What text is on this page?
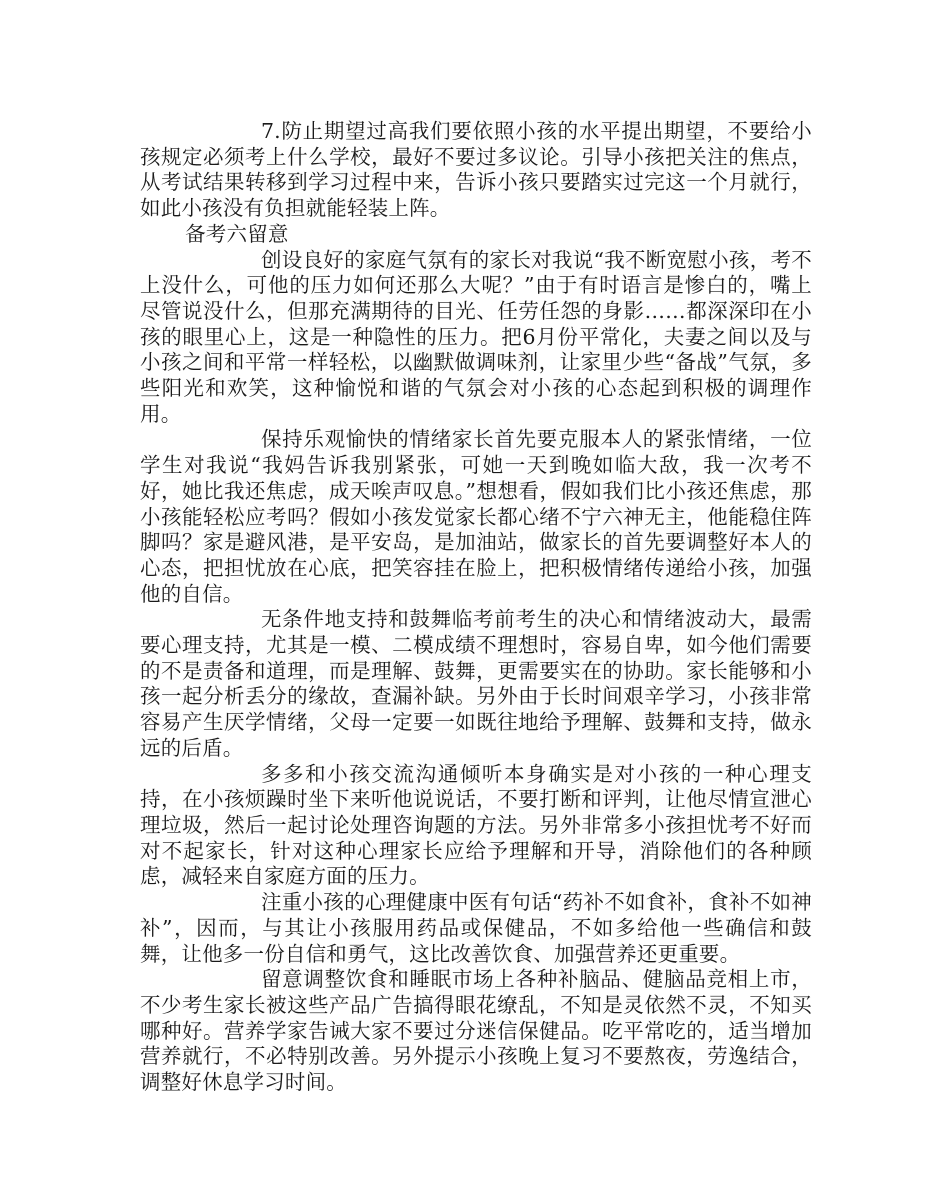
7.防止期望过高我们要依照小孩的水平提出期望，不要给小孩规定必须考上什么学校，最好不要过多议论。引导小孩把关注的焦点，从考试结果转移到学习过程中来，告诉小孩只要踏实过完这一个月就行，如此小孩没有负担就能轻装上阵。

备考六留意

创设良好的家庭气氛有的家长对我说“我不断宽慰小孩，考不上没什么，可他的压力如何还那么大呢？”由于有时语言是惨白的，嘴上尽管说没什么，但那充满期待的目光、任劳任怨的身影……都深深印在小孩的眼里心上，这是一种隐性的压力。把6月份平常化，夫妻之间以及与小孩之间和平常一样轻松，以幽默做调味剂，让家里少些“备战”气氛，多些阳光和欢笑，这种愉悦和谐的气氛会对小孩的心态起到积极的调理作用。

保持乐观愉快的情绪家长首先要克服本人的紧张情绪，一位学生对我说“我妈告诉我别紧张，可她一天到晚如临大敌，我一次考不好，她比我还焦虑，成天唉声叹息。”想想看，假如我们比小孩还焦虑，那小孩能轻松应考吗？假如小孩发觉家长都心绪不宁六神无主，他能稳住阵脚吗？家是避风港，是平安岛，是加油站，做家长的首先要调整好本人的心态，把担忧放在心底，把笑容挂在脸上，把积极情绪传递给小孩，加强他的自信。

无条件地支持和鼓舞临考前考生的决心和情绪波动大，最需要心理支持，尤其是一模、二模成绩不理想时，容易自卑，如今他们需要的不是责备和道理，而是理解、鼓舞，更需要实在的协助。家长能够和小孩一起分析丢分的缘故，查漏补缺。另外由于长时间艰辛学习，小孩非常容易产生厌学情绪，父母一定要一如既往地给予理解、鼓舞和支持，做永远的后盾。

多多和小孩交流沟通倾听本身确实是对小孩的一种心理支持，在小孩烦躁时坐下来听他说说话，不要打断和评判，让他尽情宣泄心理垃圾，然后一起讨论处理咨询题的方法。另外非常多小孩担忧考不好而对不起家长，针对这种心理家长应给予理解和开导，消除他们的各种顾虑，减轻来自家庭方面的压力。

注重小孩的心理健康中医有句话“药补不如食补，食补不如神补”，因而，与其让小孩服用药品或保健品，不如多给他一些确信和鼓舞，让他多一份自信和勇气，这比改善饮食、加强营养还更重要。

留意调整饮食和睡眠市场上各种补脑品、健脑品竞相上市，不少考生家长被这些产品广告搞得眼花缭乱，不知是灵依然不灵，不知买哪种好。营养学家告诫大家不要过分迷信保健品。吃平常吃的，适当增加营养就行，不必特别改善。另外提示小孩晚上复习不要熬夜，劳逸结合，调整好休息学习时间。
